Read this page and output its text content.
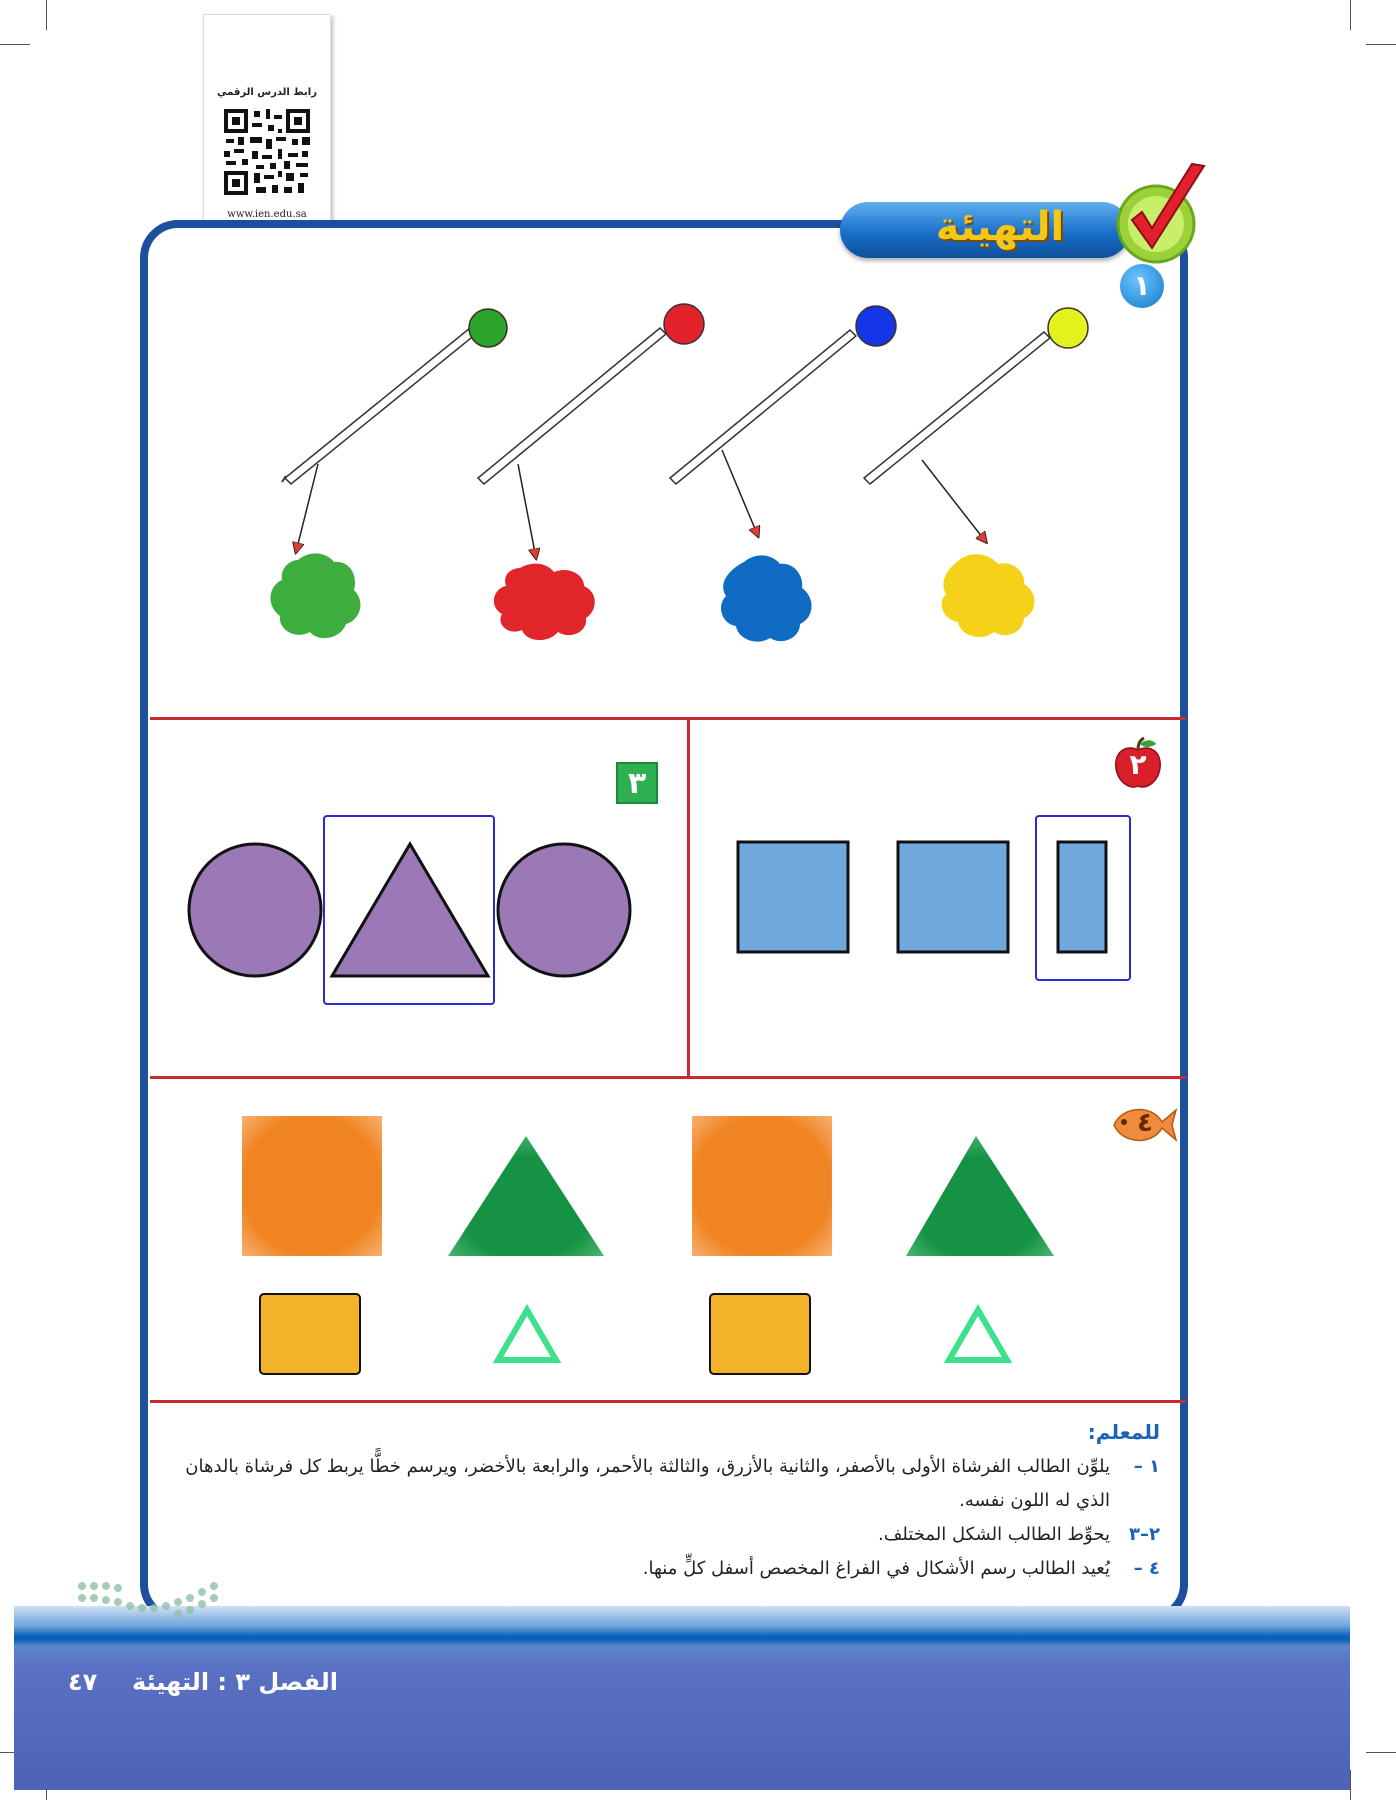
رابط الدرس الرقمي
www.ien.edu.sa	التهيئة
١
٢
٣
٤
للمعلم:
١ –
يلوِّن الطالب الفرشاة الأولى بالأصفر، والثانية بالأزرق، والثالثة بالأحمر، والرابعة بالأخضر، ويرسم خطًّا يربط كل فرشاة بالدهان الذي له اللون نفسه.
٢–٣
يحوِّط الطالب الشكل المختلف.
٤ –
يُعيد الطالب رسم الأشكال في الفراغ المخصص أسفل كلٍّ منها.
الفصل ٣ : التهيئة  ٤٧
